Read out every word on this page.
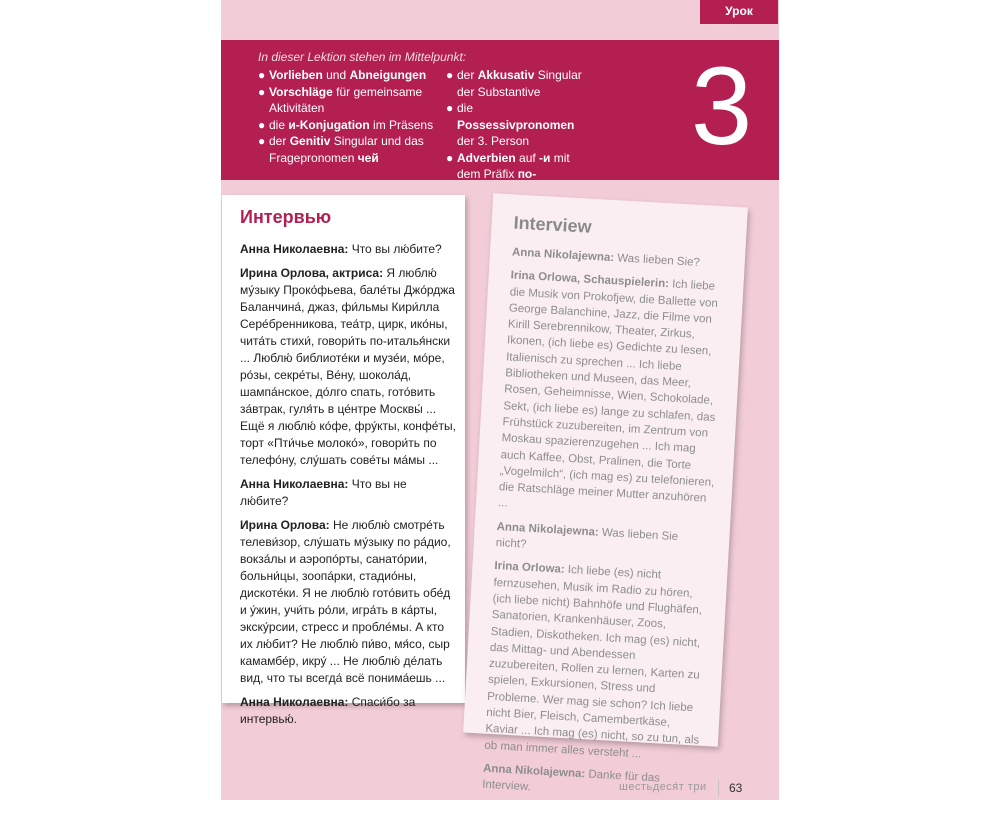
Урок
In dieser Lektion stehen im Mittelpunkt:
● Vorlieben und Abneigungen
● Vorschläge für gemeinsame Aktivitäten
● die и-Konjugation im Präsens
● der Genitiv Singular und das Fragepronomen чей
● der Akkusativ Singular der Substantive
● die Possessivpronomen der 3. Person
● Adverbien auf -и mit dem Präfix по-
3
Интервью

Анна Николаевна: Что вы лю́бите?

Ирина Орлова, актриса: Я люблю́ му́зыку Проко́фьева, бале́ты Джо́рджа Баланчина́, джаз, фи́льмы Кири́лла Сере́бренникова, теа́тр, цирк, ико́ны, чита́ть стихи́, говори́ть по-италья́нски ... Люблю́ библиоте́ки и музе́и, мо́ре, ро́зы, секре́ты, Ве́ну, шокола́д, шампа́нское, до́лго спать, гото́вить за́втрак, гуля́ть в це́нтре Москвы́ ... Ещё я люблю́ ко́фе, фру́кты, конфе́ты, торт «Пти́чье молоко́», говори́ть по телефо́ну, слу́шать сове́ты ма́мы ...

Анна Николаевна: Что вы не лю́бите?

Ирина Орлова: Не люблю́ смотре́ть телеви́зор, слу́шать му́зыку по ра́дио, вокза́лы и аэропо́рты, санато́рии, больни́цы, зоопа́рки, стадио́ны, дискоте́ки. Я не люблю́ гото́вить обе́д и у́жин, учи́ть ро́ли, игра́ть в ка́рты, экску́рсии, стресс и пробле́мы. А кто их лю́бит? Не люблю́ пи́во, мя́со, сыр камамбе́р, икру́ ... Не люблю́ де́лать вид, что ты всегда́ всё понима́ешь ...

Анна Николаевна: Спаси́бо за интервью́.

Interview

Anna Nikolajewna: Was lieben Sie?

Irina Orlowa, Schauspielerin: Ich liebe die Musik von Prokofjew, die Ballette von George Balanchine, Jazz, die Filme von Kirill Serebrennikow, Theater, Zirkus, Ikonen, (ich liebe es) Gedichte zu lesen, Italienisch zu sprechen ... Ich liebe Bibliotheken und Museen, das Meer, Rosen, Geheimnisse, Wien, Schokolade, Sekt, (ich liebe es) lange zu schlafen, das Frühstück zuzubereiten, im Zentrum von Moskau spazierenzugehen ... Ich mag auch Kaffee, Obst, Pralinen, die Torte „Vogelmilch“, (ich mag es) zu telefonieren, die Ratschläge meiner Mutter anzuhören ...

Anna Nikolajewna: Was lieben Sie nicht?

Irina Orlowa: Ich liebe (es) nicht fernzusehen, Musik im Radio zu hören, (ich liebe nicht) Bahnhöfe und Flughäfen, Sanatorien, Krankenhäuser, Zoos, Stadien, Diskotheken. Ich mag (es) nicht, das Mittag- und Abendessen zuzubereiten, Rollen zu lernen, Karten zu spielen, Exkursionen, Stress und Probleme. Wer mag sie schon? Ich liebe nicht Bier, Fleisch, Camembertkäse, Kaviar ... Ich mag (es) nicht, so zu tun, als ob man immer alles versteht ...

Anna Nikolajewna: Danke für das Interview.	шестьдеся́т три 63
